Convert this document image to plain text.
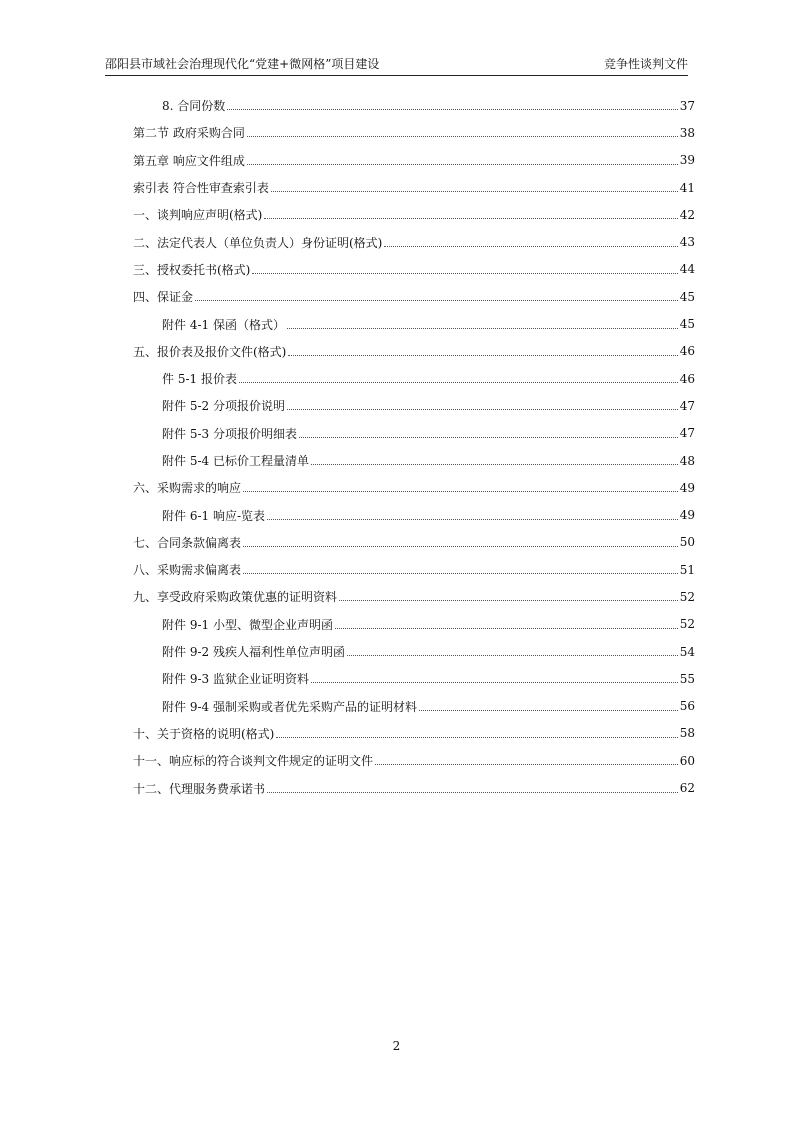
邵阳县市域社会治理现代化“党建+微网格”项目建设	竞争性谈判文件
8. 合同份数	37
第二节 政府采购合同	38
第五章 响应文件组成	39
索引表 符合性审查索引表	41
一、谈判响应声明(格式)	42
二、法定代表人（单位负责人）身份证明(格式)	43
三、授权委托书(格式)	44
四、保证金	45
附件 4-1 保函（格式）	45
五、报价表及报价文件(格式)	46
件 5-1 报价表	46
附件 5-2 分项报价说明	47
附件 5-3 分项报价明细表	47
附件 5-4 已标价工程量清单	48
六、采购需求的响应	49
附件 6-1 响应-览表	49
七、合同条款偏离表	50
八、采购需求偏离表	51
九、享受政府采购政策优惠的证明资料	52
附件 9-1 小型、微型企业声明函	52
附件 9-2 残疾人福利性单位声明函	54
附件 9-3 监狱企业证明资料	55
附件 9-4 强制采购或者优先采购产品的证明材料	56
十、关于资格的说明(格式)	58
十一、响应标的符合谈判文件规定的证明文件	60
十二、代理服务费承诺书	62
2
